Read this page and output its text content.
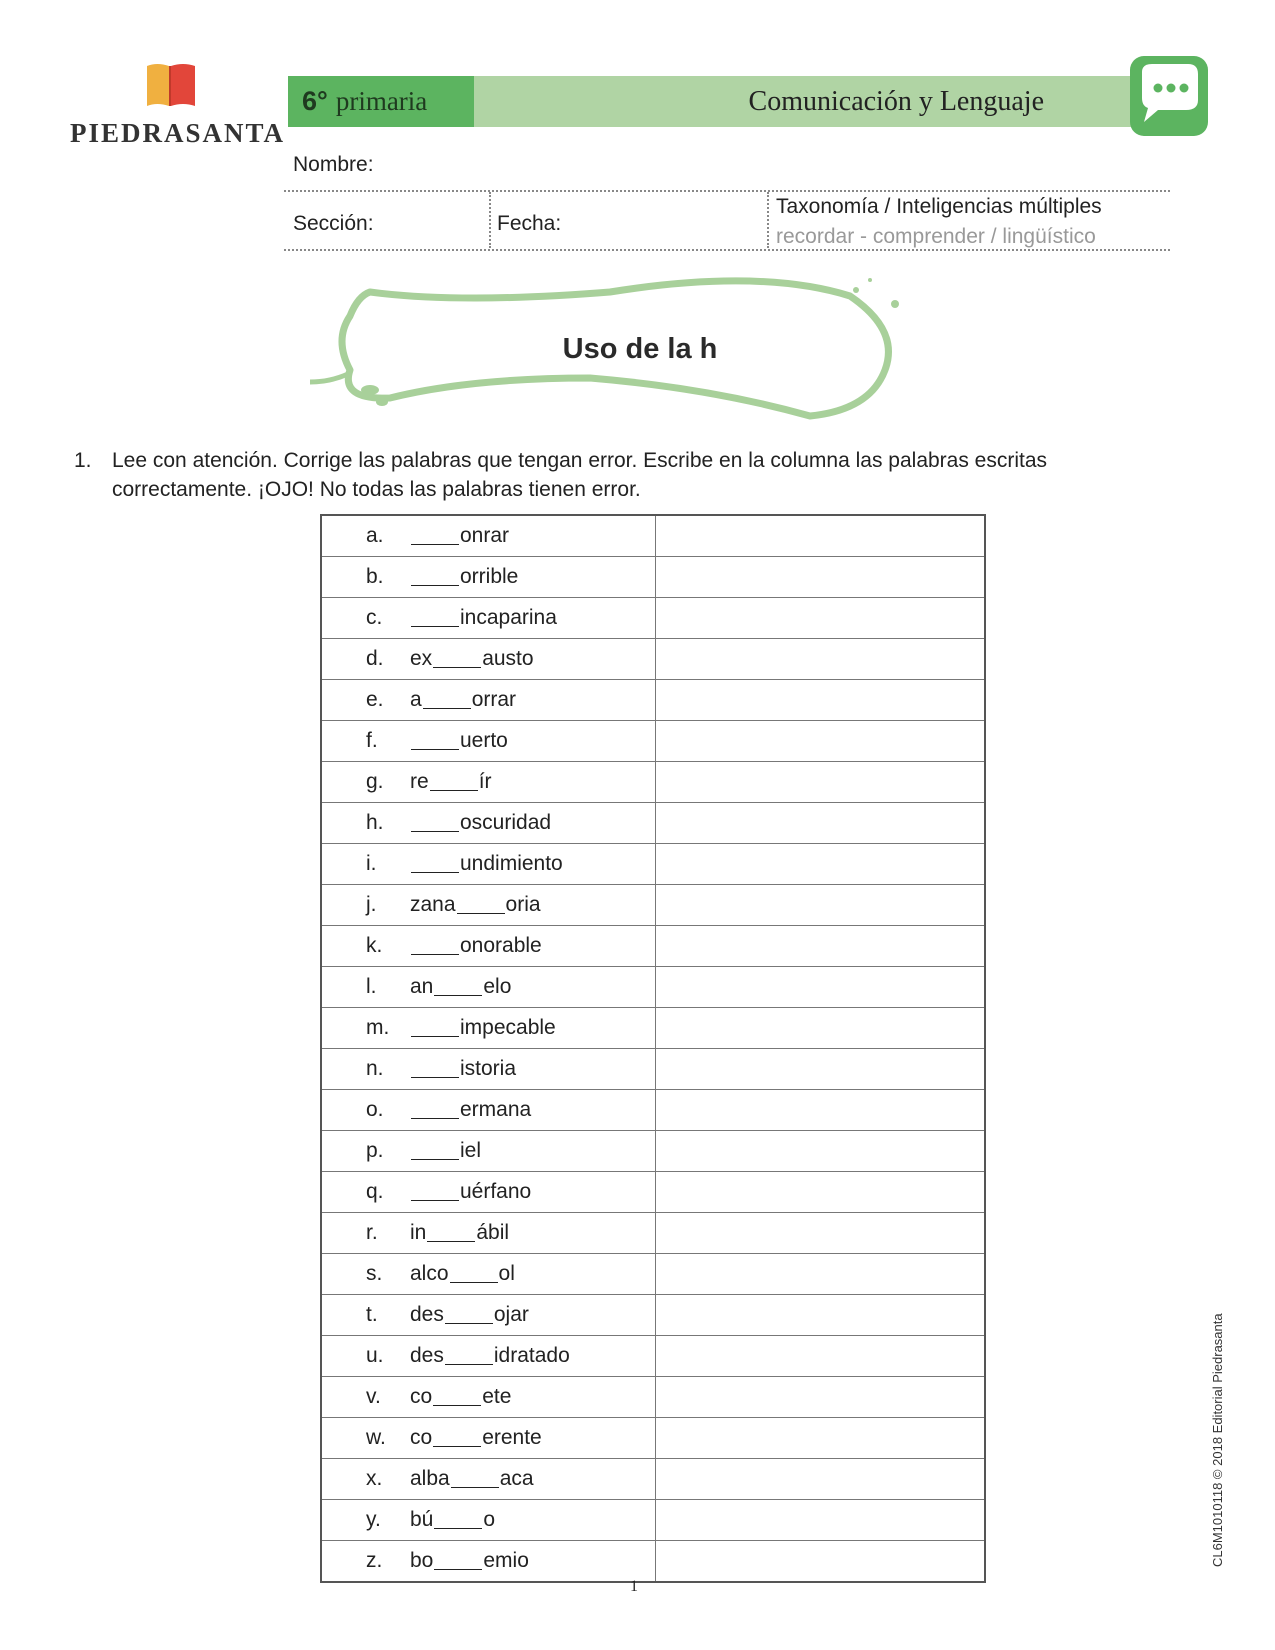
PIEDRASANTA
6° primaria	Comunicación y Lenguaje
Nombre:
Sección:	Fecha:
Taxonomía / Inteligencias múltiples
recordar - comprender / lingüístico
Uso de la h
1. Lee con atención. Corrige las palabras que tengan error. Escribe en la columna las palabras escritas correctamente. ¡OJO! No todas las palabras tienen error.
a. onrar	

b. orrible	

c. incaparina	

d. ex austo	

e. a orrar	

f. uerto	

g. re ír	

h. oscuridad	

i. undimiento	

j. zana oria	

k. onorable	

l. an elo	

m. impecable	

n. istoria	

o. ermana	

p. iel	

q. uérfano	

r. in ábil	

s. alco ol	

t. des ojar	

u. des idratado	

v. co ete	

w. co erente	

x. alba aca	

y. bú o	

z. bo emio	

1
CL6M1010118 © 2018 Editorial Piedrasanta
